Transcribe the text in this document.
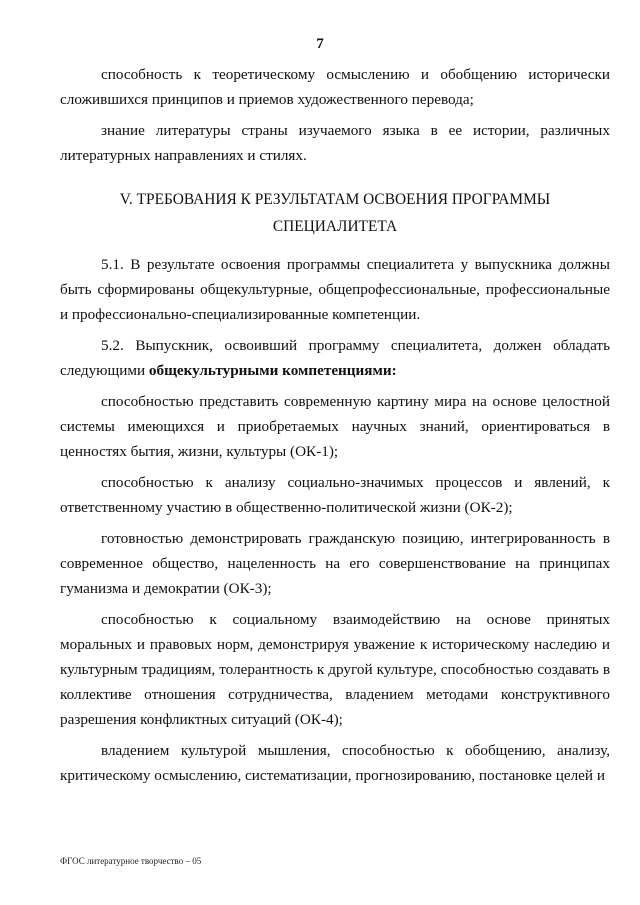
7

способность к теоретическому осмыслению и обобщению исторически сложившихся принципов и приемов художественного перевода;

знание литературы страны изучаемого языка в ее истории, различных литературных направлениях и стилях.

V. ТРЕБОВАНИЯ К РЕЗУЛЬТАТАМ ОСВОЕНИЯ ПРОГРАММЫ СПЕЦИАЛИТЕТА

5.1. В результате освоения программы специалитета у выпускника должны быть сформированы общекультурные, общепрофессиональные, профессиональные и профессионально-специализированные компетенции.

5.2. Выпускник, освоивший программу специалитета, должен обладать следующими общекультурными компетенциями:

способностью представить современную картину мира на основе целостной системы имеющихся и приобретаемых научных знаний, ориентироваться в ценностях бытия, жизни, культуры (ОК-1);

способностью к анализу социально-значимых процессов и явлений, к ответственному участию в общественно-политической жизни (ОК-2);

готовностью демонстрировать гражданскую позицию, интегрированность в современное общество, нацеленность на его совершенствование на принципах гуманизма и демократии (ОК-3);

способностью к социальному взаимодействию на основе принятых моральных и правовых норм, демонстрируя уважение к историческому наследию и культурным традициям, толерантность к другой культуре, способностью создавать в коллективе отношения сотрудничества, владением методами конструктивного разрешения конфликтных ситуаций (ОК-4);

владением культурой мышления, способностью к обобщению, анализу, критическому осмыслению, систематизации, прогнозированию, постановке целей и

ФГОС литературное творчество – 05
